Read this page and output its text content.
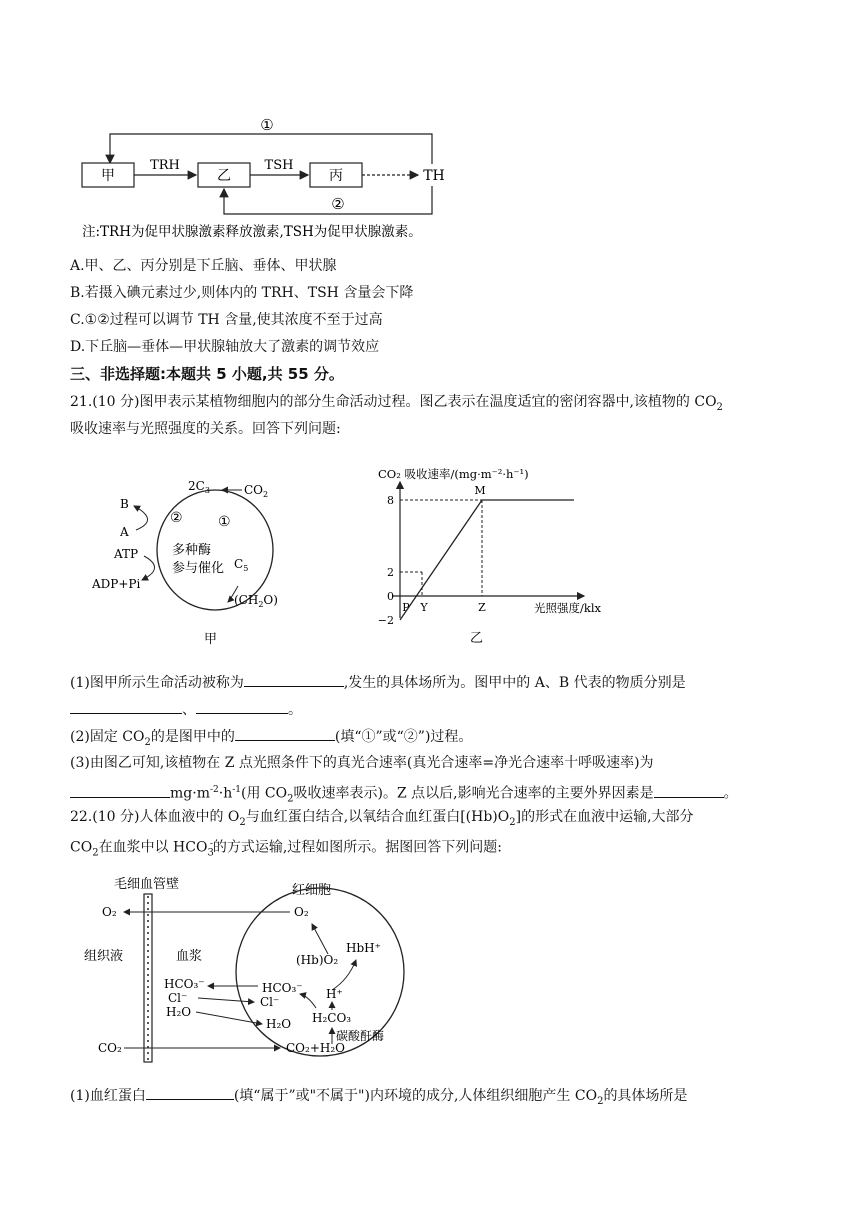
①
甲	乙	丙
TRH	TSH
TH
②
注:TRH为促甲状腺激素释放激素,TSH为促甲状腺激素。
A.甲、乙、丙分别是下丘脑、垂体、甲状腺
B.若摄入碘元素过少,则体内的 TRH、TSH 含量会下降
C.①②过程可以调节 TH 含量,使其浓度不至于过高
D.下丘脑—垂体—甲状腺轴放大了激素的调节效应
三、非选择题:本题共 5 小题,共 55 分。
21.(10 分)图甲表示某植物细胞内的部分生命活动过程。图乙表示在温度适宜的密闭容器中,该植物的 $CO_2$
吸收速率与光照强度的关系。回答下列问题:
$2C_3$	$CO_2$
B
A
②	①
ATP
ADP+Pi
多种酶
参与催化 $C_5$
$(CH_2O)$
甲
CO₂ 吸收速率/(mg·m⁻²·h⁻¹)
光照强度/klx
乙
8
2
0
−2
P Y	Z
M
(1)图甲所示生命活动被称为	,发生的具体场所为。图甲中的 A、B 代表的物质分别是
、	。
(2)固定 $CO_2$的是图甲中的	(填“①”或“②”)过程。
(3)由图乙可知,该植物在 Z 点光照条件下的真光合速率(真光合速率=净光合速率十呼吸速率)为
$mg\cdot m^{-2}\cdot h^{-1}$(用 $CO_2$吸收速率表示)。Z 点以后,影响光合速率的主要外界因素是	。
22.(10 分)人体血液中的 $O_2$与血红蛋白结合,以氧结合血红蛋白$[(Hb)O_2]$的形式在血液中运输,大部分
$CO_2$在血浆中以 $HCO_3^-$的方式运输,过程如图所示。据图回答下列问题:
毛细血管壁	红细胞
组织液	血浆
O₂	O₂
(Hb)O₂
HbH⁺
H⁺
HCO₃⁻
Cl⁻
H₂O
HCO₃⁻
Cl⁻
H₂O H₂CO₃
碳酸酐酶
CO₂	CO₂+H₂O
(1)血红蛋白	(填“属于”或"不属于")内环境的成分,人体组织细胞产生 $CO_2$的具体场所是
